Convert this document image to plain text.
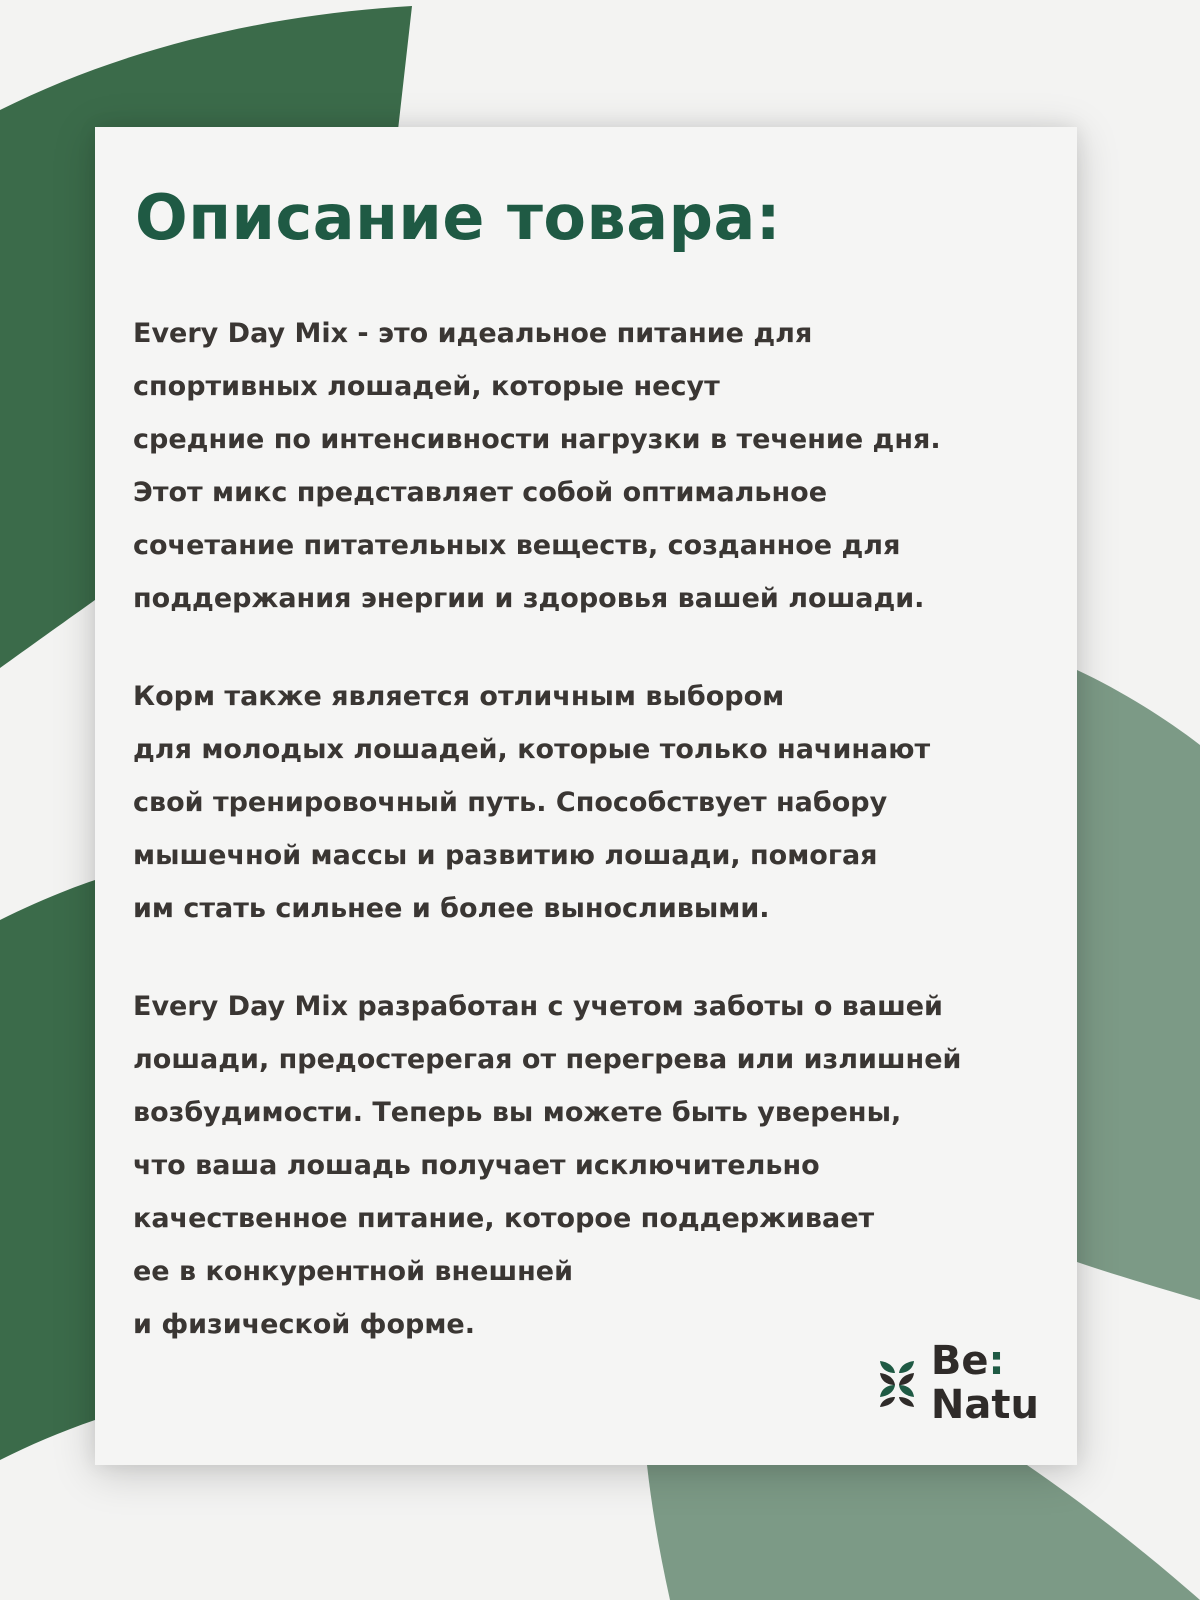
Описание товара:

Every Day Mix - это идеальное питание для
спортивных лошадей, которые несут
средние по интенсивности нагрузки в течение дня.
Этот микс представляет собой оптимальное
сочетание питательных веществ, созданное для
поддержания энергии и здоровья вашей лошади.

Корм также является отличным выбором
для молодых лошадей, которые только начинают
свой тренировочный путь. Способствует набору
мышечной массы и развитию лошади, помогая
им стать сильнее и более выносливыми.

Every Day Mix разработан с учетом заботы о вашей
лошади, предостерегая от перегрева или излишней
возбудимости. Теперь вы можете быть уверены,
что ваша лошадь получает исключительно
качественное питание, которое поддерживает
ее в конкурентной внешней
и физической форме.

Be:
Natu
